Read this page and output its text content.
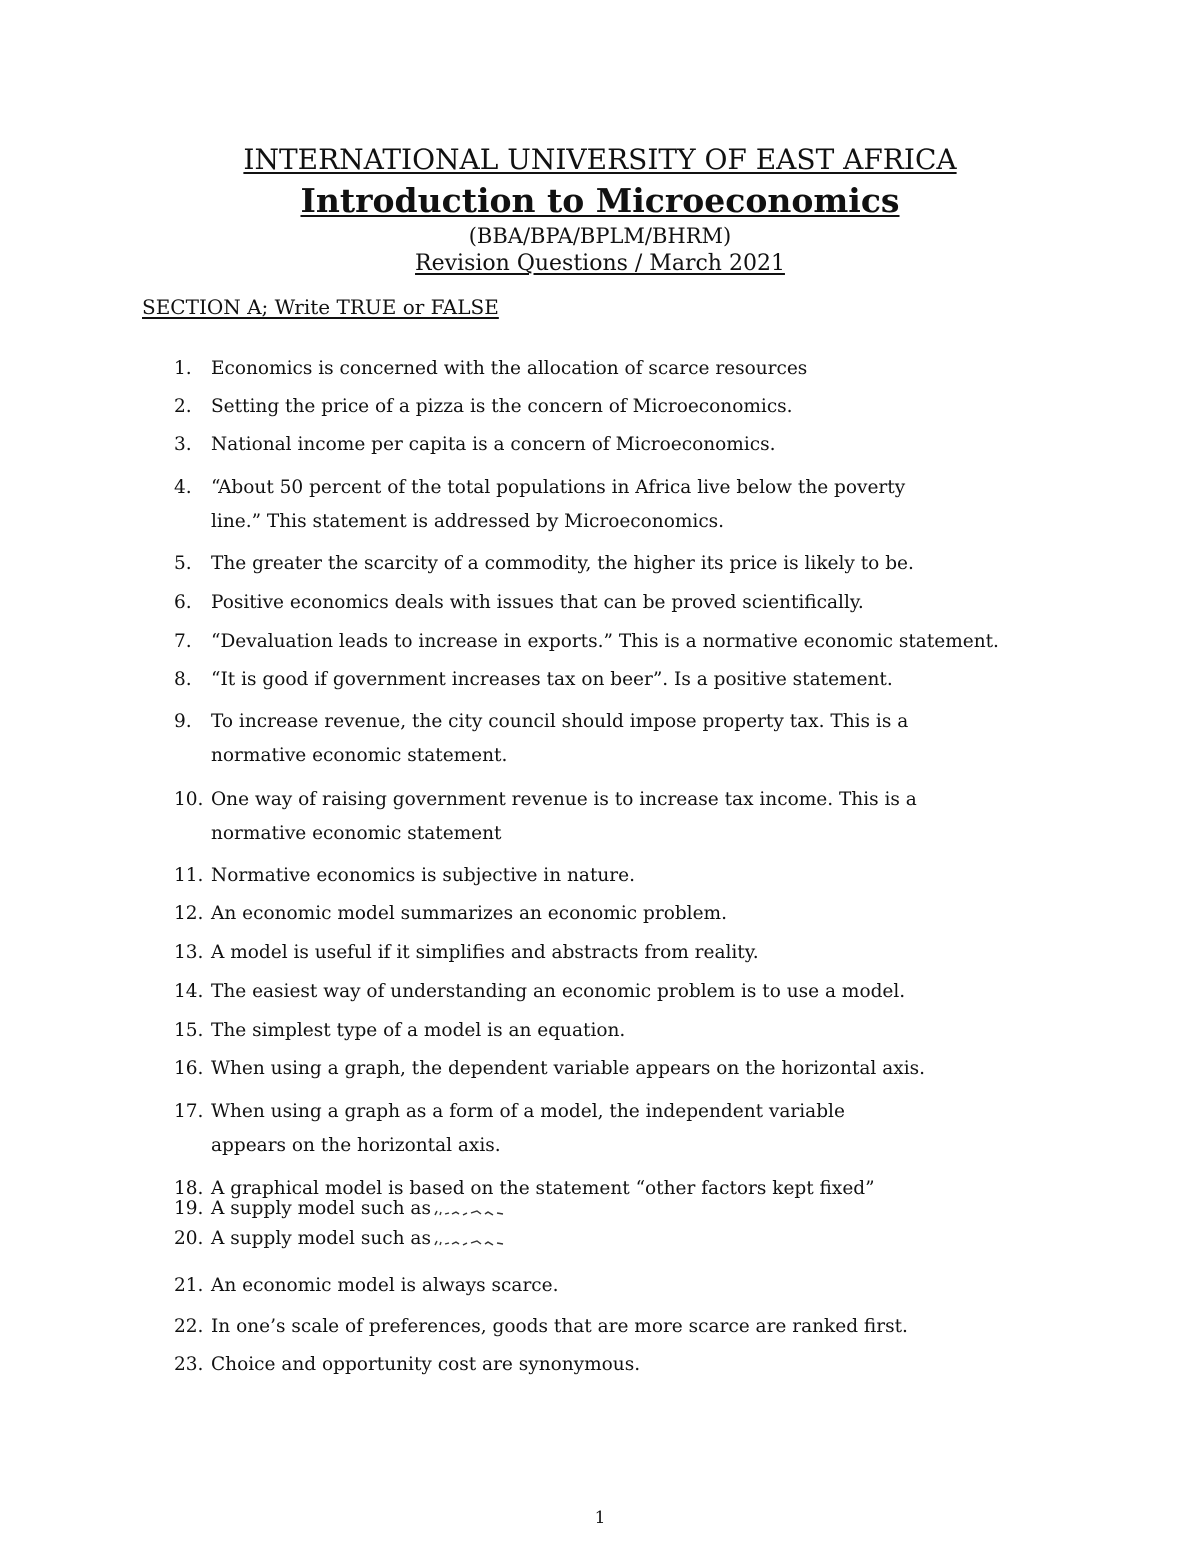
INTERNATIONAL UNIVERSITY OF EAST AFRICA
Introduction to Microeconomics
(BBA/BPA/BPLM/BHRM)
Revision Questions / March 2021
SECTION A; Write TRUE or FALSE
1. Economics is concerned with the allocation of scarce resources
2. Setting the price of a pizza is the concern of Microeconomics.
3. National income per capita is a concern of Microeconomics.
4. “About 50 percent of the total populations in Africa live below the poverty
line.” This statement is addressed by Microeconomics.
5. The greater the scarcity of a commodity, the higher its price is likely to be.
6. Positive economics deals with issues that can be proved scientifically.
7. “Devaluation leads to increase in exports.” This is a normative economic statement.
8. “It is good if government increases tax on beer”. Is a positive statement.
9. To increase revenue, the city council should impose property tax. This is a
normative economic statement.
10. One way of raising government revenue is to increase tax income. This is a
normative economic statement
11. Normative economics is subjective in nature.
12. An economic model summarizes an economic problem.
13. A model is useful if it simplifies and abstracts from reality.
14. The easiest way of understanding an economic problem is to use a model.
15. The simplest type of a model is an equation.
16. When using a graph, the dependent variable appears on the horizontal axis.
17. When using a graph as a form of a model, the independent variable
appears on the horizontal axis.
18. A graphical model is based on the statement “other factors kept fixed”
19. A supply model such as
20. A supply model such as
21. An economic model is always scarce.
22. In one’s scale of preferences, goods that are more scarce are ranked first.
23. Choice and opportunity cost are synonymous.
1
